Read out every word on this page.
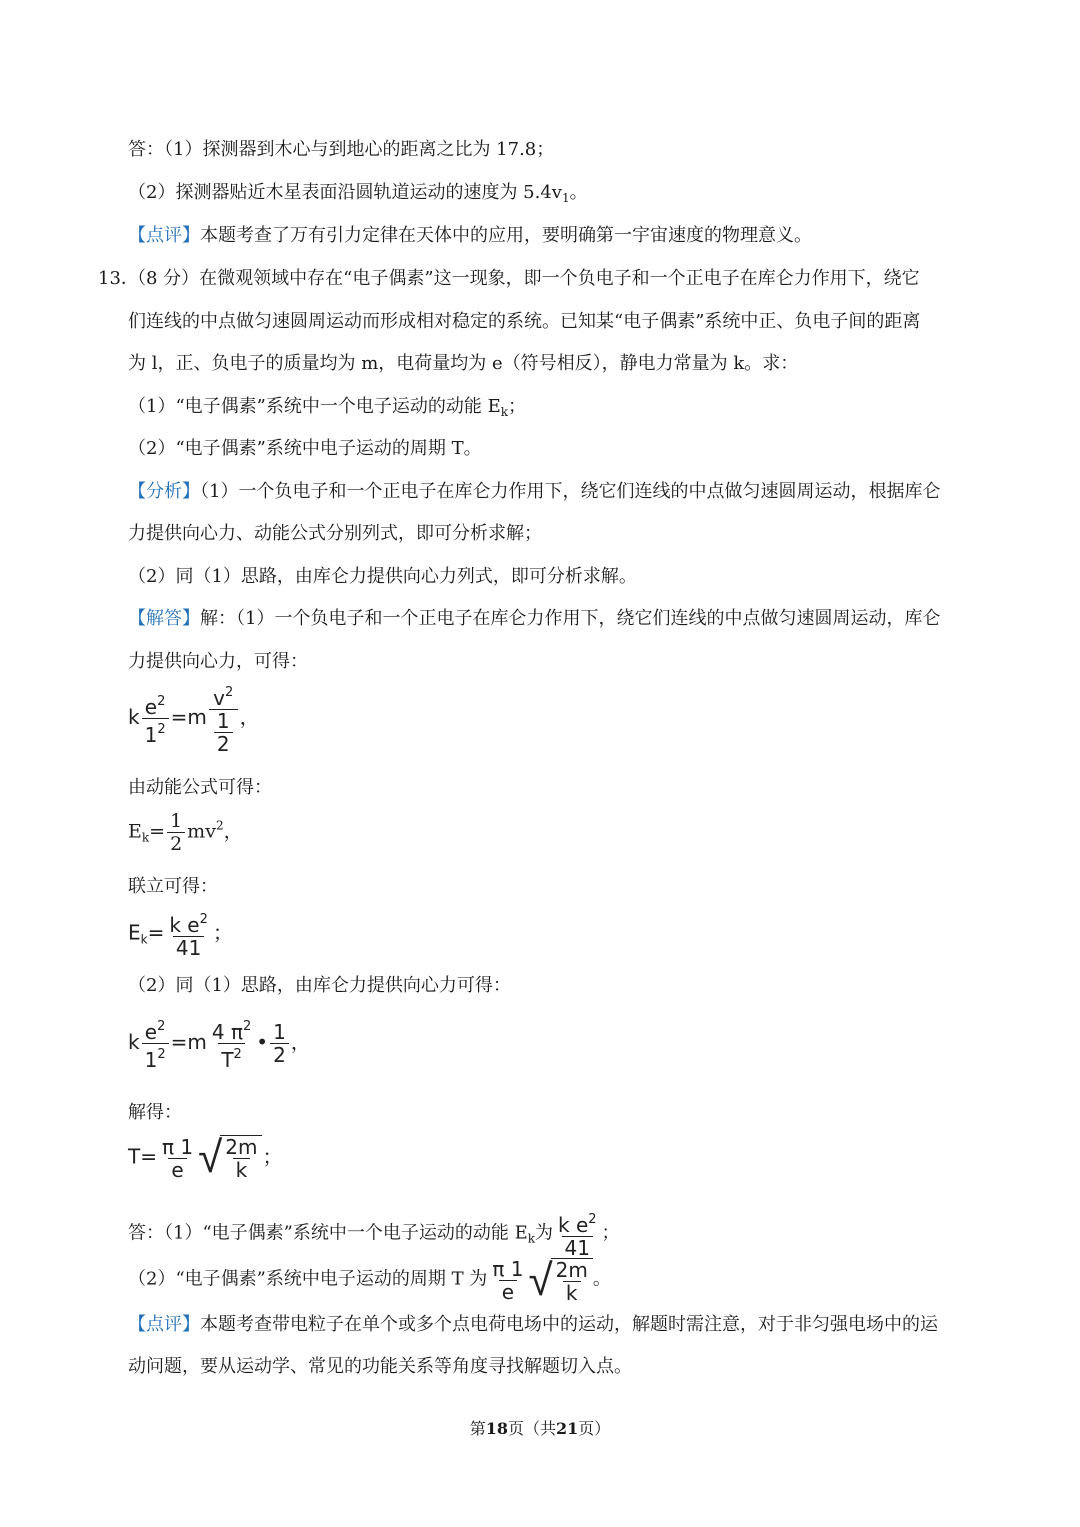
答：（1）探测器到木心与到地心的距离之比为 17.8；
（2）探测器贴近木星表面沿圆轨道运动的速度为 $5.4v_1$。
【点评】本题考查了万有引力定律在天体中的应用，要明确第一宇宙速度的物理意义。
13．
（8 分）在微观领域中存在“电子偶素”这一现象，即一个负电子和一个正电子在库仑力作用下，绕它
们连线的中点做匀速圆周运动而形成相对稳定的系统。已知某“电子偶素”系统中正、负电子间的距离
为 l，正、负电子的质量均为 m，电荷量均为 e（符号相反），静电力常量为 k。求：
（1）“电子偶素”系统中一个电子运动的动能 $E_k$；
（2）“电子偶素”系统中电子运动的周期 T。
【分析】（1）一个负电子和一个正电子在库仑力作用下，绕它们连线的中点做匀速圆周运动，根据库仑
力提供向心力、动能公式分别列式，即可分析求解；
（2）同（1）思路，由库仑力提供向心力列式，即可分析求解。
【解答】解：（1）一个负电子和一个正电子在库仑力作用下，绕它们连线的中点做匀速圆周运动，库仑
力提供向心力，可得：
k $\frac{e^2}{1^2} =m \frac{v^2}{\frac{1}{2}}$ ，
由动能公式可得：
$E_k= \frac{1}{2} mv^2$，
联立可得：
$E_k= \frac{k e^2}{41}$ ；
（2）同（1）思路，由库仑力提供向心力可得：
k $\frac{e^2}{1^2} =m \frac{4 \pi^2}{T^2}$ • $\frac{1}{2}$ ，
解得：
$T= \frac{\pi 1}{e}$ √ $\frac{2m}{k}$ ；
答：（1）“电子偶素”系统中一个电子运动的动能 $E_k$为 $\frac{k e^2}{41}$ ；
（2）“电子偶素”系统中电子运动的周期 T 为 $\frac{\pi 1}{e}$ √ $\frac{2m}{k}$ 。
【点评】本题考查带电粒子在单个或多个点电荷电场中的运动，解题时需注意，对于非匀强电场中的运
动问题，要从运动学、常见的功能关系等角度寻找解题切入点。
第18页（共21页）
